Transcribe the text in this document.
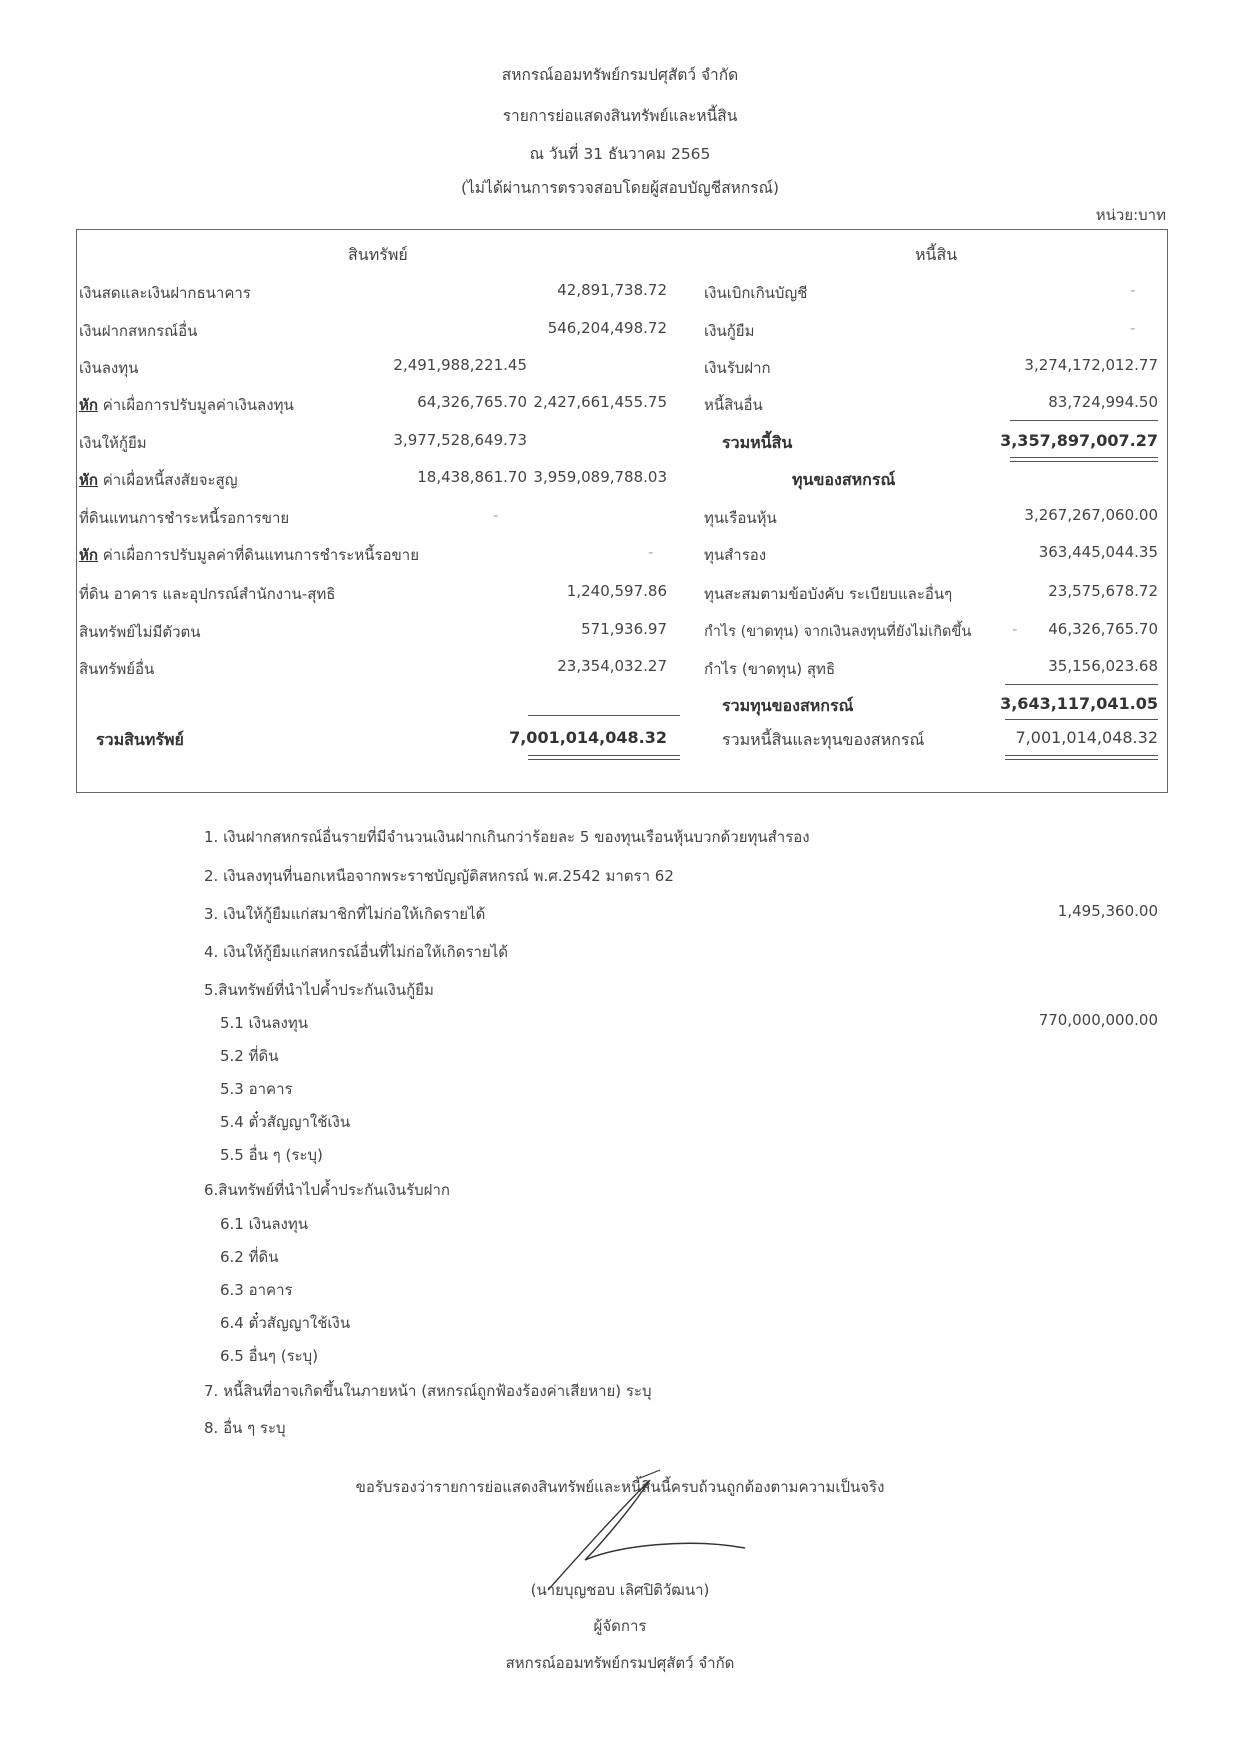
สหกรณ์ออมทรัพย์กรมปศุสัตว์ จำกัด
รายการย่อแสดงสินทรัพย์และหนี้สิน
ณ วันที่ 31 ธันวาคม 2565
(ไม่ได้ผ่านการตรวจสอบโดยผู้สอบบัญชีสหกรณ์)
หน่วย:บาท
สินทรัพย์	หนี้สิน
เงินสดและเงินฝากธนาคาร	42,891,738.72
เงินฝากสหกรณ์อื่น	546,204,498.72
เงินลงทุน	2,491,988,221.45
หัก ค่าเผื่อการปรับมูลค่าเงินลงทุน	64,326,765.70 2,427,661,455.75
เงินให้กู้ยืม	3,977,528,649.73
หัก ค่าเผื่อหนี้สงสัยจะสูญ	18,438,861.70 3,959,089,788.03
ที่ดินแทนการชำระหนี้รอการขาย	-
หัก ค่าเผื่อการปรับมูลค่าที่ดินแทนการชำระหนี้รอขาย	-
ที่ดิน อาคาร และอุปกรณ์สำนักงาน-สุทธิ	1,240,597.86
สินทรัพย์ไม่มีตัวตน	571,936.97
สินทรัพย์อื่น	23,354,032.27
รวมสินทรัพย์	7,001,014,048.32
เงินเบิกเกินบัญชี	-
เงินกู้ยืม	-
เงินรับฝาก	3,274,172,012.77
หนี้สินอื่น	83,724,994.50
รวมหนี้สิน	3,357,897,007.27
ทุนของสหกรณ์
ทุนเรือนหุ้น	3,267,267,060.00
ทุนสำรอง	363,445,044.35
ทุนสะสมตามข้อบังคับ ระเบียบและอื่นๆ	23,575,678.72
กำไร (ขาดทุน) จากเงินลงทุนที่ยังไม่เกิดขึ้น	- 46,326,765.70
กำไร (ขาดทุน) สุทธิ	35,156,023.68
รวมทุนของสหกรณ์	3,643,117,041.05
รวมหนี้สินและทุนของสหกรณ์	7,001,014,048.32
1. เงินฝากสหกรณ์อื่นรายที่มีจำนวนเงินฝากเกินกว่าร้อยละ 5 ของทุนเรือนหุ้นบวกด้วยทุนสำรอง
2. เงินลงทุนที่นอกเหนือจากพระราชบัญญัติสหกรณ์ พ.ศ.2542 มาตรา 62
3. เงินให้กู้ยืมแก่สมาชิกที่ไม่ก่อให้เกิดรายได้	1,495,360.00
4. เงินให้กู้ยืมแก่สหกรณ์อื่นที่ไม่ก่อให้เกิดรายได้
5.สินทรัพย์ที่นำไปค้ำประกันเงินกู้ยืม
5.1 เงินลงทุน	770,000,000.00
5.2 ที่ดิน
5.3 อาคาร
5.4 ตั๋วสัญญาใช้เงิน
5.5 อื่น ๆ (ระบุ)
6.สินทรัพย์ที่นำไปค้ำประกันเงินรับฝาก
6.1 เงินลงทุน
6.2 ที่ดิน
6.3 อาคาร
6.4 ตั๋วสัญญาใช้เงิน
6.5 อื่นๆ (ระบุ)
7. หนี้สินที่อาจเกิดขึ้นในภายหน้า (สหกรณ์ถูกฟ้องร้องค่าเสียหาย) ระบุ
8. อื่น ๆ ระบุ
ขอรับรองว่ารายการย่อแสดงสินทรัพย์และหนี้สินนี้ครบถ้วนถูกต้องตามความเป็นจริง
(นายบุญชอบ เลิศปิติวัฒนา)
ผู้จัดการ
สหกรณ์ออมทรัพย์กรมปศุสัตว์ จำกัด
